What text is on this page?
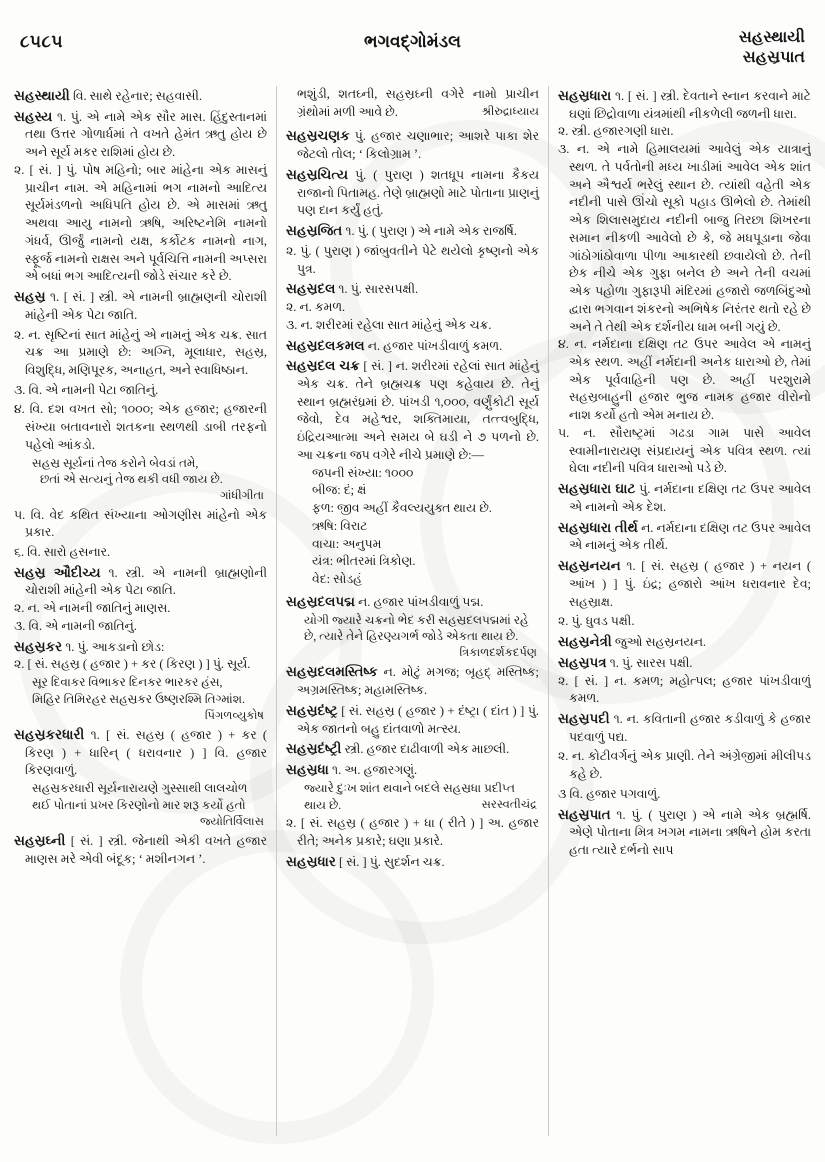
૮૫૮૫	ભગવદ્ગોમંડલ	સહસ્થાયી
સહસ્રપાત

સહસ્થાયી વિ. સાથે રહેનાર; સહવાસી.

સહસ્ય ૧. પું. એ નામે એક સૌર માસ. હિંદુસ્તાનમાં તથા ઉત્તર ગોળાર્ધમાં તે વખતે હેમંત ઋતુ હોય છે અને સૂર્ય મકર રાશિમાં હોય છે.

૨. [ સં. ] પું. પોષ મહિનો; બાર માંહેના એક માસનું પ્રાચીન નામ. એ મહિનામાં ભગ નામનો આદિત્ય સૂર્યમંડળનો અધિપતિ હોય છે. એ માસમાં ઋતુ અથવા આયુ નામનો ઋષિ, અરિષ્ટનેમિ નામનો ગંધર્વ, ઊર્જું નામનો યક્ષ, કર્કોટક નામનો નાગ, સ્ફૂર્જ નામનો રાક્ષસ અને પૂર્વચિત્તિ નામની અપ્સરા એ બધાં ભગ આદિત્યની જોડે સંચાર કરે છે.

સહસ્ર ૧. [ સં. ] સ્ત્રી. એ નામની બ્રાહ્મણની ચોરાશી માંહેની એક પેટા જાતિ.

૨. ન. સૃષ્ટિનાં સાત માંહેનું એ નામનું એક ચક્ર. સાત ચક્ર આ પ્રમાણે છે: અગ્નિ, મૂલાધાર, સહસ્ર, વિશુદ્ધિ, મણિપૂરક, અનાહત, અને સ્વાધિષ્ઠાન.

૩. વિ. એ નામની પેટા જાતિનું.

૪. વિ. દશ વખત સો; ૧૦૦૦; એક હજાર; હજારની સંખ્યા બતાવનારો શતકના સ્થળથી ડાબી તરફનો પહેલો આંકડો.

સહસ્ર સૂર્યનાં તેજ કરોને બેવડાં તમે,
છતાં એ સત્યનું તેજ થકી વધી જાય છે.
ગાંધીગીતા

૫. વિ. વેદ કથિત સંખ્યાના ઓગણીસ માંહેનો એક પ્રકાર.

૬. વિ. સારો હસનાર.

સહસ્ર ઔદીચ્ય ૧. સ્ત્રી. એ નામની બ્રાહ્મણોની ચોરાશી માંહેની એક પેટા જાતિ.

૨. ન. એ નામની જાતિનું માણસ.

૩. વિ. એ નામની જાતિનું.

સહસ્રકર ૧. પું. આકડાનો છોડ:

૨. [ સં. સહસ્ર ( હજાર ) + કર ( કિરણ ) ] પું. સૂર્ય.

સૂર દિવાકર વિભાકર દિનકર ભારકર હંસ,
મિહિર તિમિરહર સહસ્રકર ઉષ્ણરશ્મિ તિગ્માંશ.
પિંગળવ્યુકોષ

સહસ્રકરધારી ૧. [ સં. સહસ્ર ( હજાર ) + કર ( કિરણ ) + ધારિન્ ( ધરાવનાર ) ] વિ. હજાર કિરણવાળું.

સહસ્રકરધારી સૂર્યનારાયણે ગુસ્સાથી લાલચોળ
થઈ પોતાનાં પ્રખર કિરણોનો માર શરૂ કર્યો હતો
જ્યોતિર્વિલાસ

સહસ્રઘ્ની [ સં. ] સ્ત્રી. જેનાથી એકી વખતે હજાર માણસ મરે એવી બંદૂક; ‘ મશીનગન ’.

ભશુંડી, શતઘ્ની, સહસ્રઘ્ની વગેરે નામો પ્રાચીન ગ્રંથોમાં મળી આવે છે.	શ્રીરુદ્રાધ્યાય

સહસ્રચણક પું. હજાર ચણાભાર; આશરે પાકા શેર જેટલો તોલ; ‘ કિલોગ્રામ ’.

સહસ્રચિત્ય પું. ( પુરાણ ) શતધૂપ નામના કૈકય રાજાનો પિતામહ. તેણે બ્રાહ્મણો માટે પોતાના પ્રાણનું પણ દાન કર્યું હતું.

સહસ્રજિત ૧. પું. ( પુરાણ ) એ નામે એક રાજર્ષિ.

૨. પું. ( પુરાણ ) જાંબુવતીને પેટે થયેલો કૃષ્ણનો એક પુત્ર.

સહસ્રદલ ૧. પું. સારસપક્ષી.

૨. ન. કમળ.

૩. ન. શરીરમાં રહેલા સાત માંહેનું એક ચક્ર.

સહસ્રદલકમલ ન. હજાર પાંખડીવાળું કમળ.

સહસ્રદલ ચક્ર [ સં. ] ન. શરીરમાં રહેલાં સાત માંહેનું એક ચક્ર. તેને બ્રહ્મચક્ર પણ કહેવાય છે. તેનું સ્થાન બ્રહ્મરંધ્રમાં છે. પાંખડી ૧,૦૦૦, વર્ણુંકોટી સૂર્ય જેવો, દેવ મહેશ્વર, શક્તિમાયા, તત્ત્વબુદ્ધિ, ઇંદ્રિયઆત્મા અને સમય બે ઘડી ને ૭ પળનો છે. આ ચક્રના જપ વગેરે નીચે પ્રમાણે છે:—

જપની સંખ્યા: ૧૦૦૦
બીજ: દં; ક્ષં
ફળ: જીવ અહીં કૈવલ્યયુક્ત થાય છે.
ઋષિ: વિરાટ
વાચા: અનુપમ
યંત્ર: ભીતરમાં ત્રિકોણ.
વેદ: સોડહં

સહસ્રદલપદ્મ ન. હજાર પાંખડીવાળું પદ્મ.

યોગી જ્યારે ચક્રનો ભેદ કરી સહસ્રદલપદ્મમાં રહે છે, ત્યારે તેને હિરણ્યગર્ભ જોડે એકતા થાય છે.
ત્રિકાળદર્શકદર્પણ

સહસ્રદલમસ્તિષ્ક ન. મોટું મગજ; બૃહદ્ મસ્તિષ્ક; અગ્રમસ્તિષ્ક; મહામસ્તિષ્ક.

સહસ્રદંષ્ટ્ર [ સં. સહસ્ર ( હજાર ) + દંષ્ટ્રા ( દાંત ) ] પું. એક જાતનો બહુ દાંતવાળો મત્સ્ય.

સહસ્રદંષ્ટ્રી સ્ત્રી. હજાર દાઢીવાળી એક માછલી.

સહસ્રધા ૧. અ. હજારગણું.

જ્યારે દુઃખ શાંત થવાને બદલે સહસ્રધા પ્રદીપ્ત થાય છે.	સરસ્વતીચંદ્ર

૨. [ સં. સહસ્ર ( હજાર ) + ધા ( રીતે ) ] અ. હજાર રીતે; અનેક પ્રકારે; ઘણા પ્રકારે.

સહસ્રધાર [ સં. ] પું. સુદર્શન ચક્ર.

સહસ્રધારા ૧. [ સં. ] સ્ત્રી. દેવતાને સ્નાન કરવાને માટે ઘણાં છિદ્રોવાળા યંત્રમાંથી નીકળેલી જળની ધારા.

૨. સ્ત્રી. હજારગણી ધારા.

૩. ન. એ નામે હિમાલયમાં આવેલું એક યાત્રાનું સ્થળ. તે પર્વતોની મધ્ય ખાડીમાં આવેલ એક શાંત અને ઐશ્વર્ય ભરેલું સ્થાન છે. ત્યાંથી વહેતી એક નદીની પાસે ઊંચો સૂકો પહાડ ઊભેલો છે. તેમાંથી એક શિલાસમુદાય નદીની બાજુ તિરછા શિખરના સમાન નીકળી આવેલો છે કે, જે મધપૂડાના જેવા ગાંઠોગાંઠોવાળા પીળા આકારથી છવાયેલો છે. તેની છેક નીચે એક ગુફા બનેલ છે અને તેની વચમાં એક પહોળા ગુફારૂપી મંદિરમાં હજારો જળબિંદુઓ દ્વારા ભગવાન શંકરનો અભિષેક નિરંતર થતો રહે છે અને તે તેથી એક દર્શનીય ધામ બની ગયું છે.

૪. ન. નર્મદાના દક્ષિણ તટ ઉપર આવેલ એ નામનું એક સ્થળ. અહીં નર્મદાની અનેક ધારાઓ છે, તેમાં એક પૂર્વવાહિની પણ છે. અહીં પરશુરામે સહસ્રબાહુની હજાર ભુજ નામક હજાર વીરોનો નાશ કર્યો હતો એમ મનાય છે.

૫. ન. સૌરાષ્ટ્રમાં ગઢડા ગામ પાસે આવેલ સ્વામીનારાયણ સંપ્રદાયનું એક પવિત્ર સ્થળ. ત્યાં ઘેલા નદીની પવિત્ર ધારાઓ પડે છે.

સહસ્રધારા ઘાટ પું. નર્મદાના દક્ષિણ તટ ઉપર આવેલ એ નામનો એક દેશ.

સહસ્રધારા તીર્થ ન. નર્મદાના દક્ષિણ તટ ઉપર આવેલ એ નામનું એક તીર્થ.

સહસ્રનયન ૧. [ સં. સહસ્ર ( હજાર ) + નયન ( આંખ ) ] પું. ઇંદ્ર; હજારો આંખ ધરાવનાર દેવ; સહસ્રાક્ષ.

૨. પું. ધુવડ પક્ષી.

સહસ્રનેત્રી જુઓ સહસ્રનયન.

સહસ્રપત્ર ૧. પું. સારસ પક્ષી.

૨. [ સં. ] ન. કમળ; મહોત્પલ; હજાર પાંખડીવાળું કમળ.

સહસ્રપદી ૧. ન. કવિતાની હજાર કડીવાળું કે હજાર પદવાળું પદ્ય.

૨. ન. કોટીવર્ગનું એક પ્રાણી. તેને અંગ્રેજીમાં મીલીપડ કહે છે.

૩ વિ. હજાર પગવાળું.

સહસ્રપાત ૧. પું. ( પુરાણ ) એ નામે એક બ્રહ્મર્ષિ. એણે પોતાના મિત્ર ખગમ નામના ઋષિને હોમ કરતા હતા ત્યારે દર્ભનો સાપ
